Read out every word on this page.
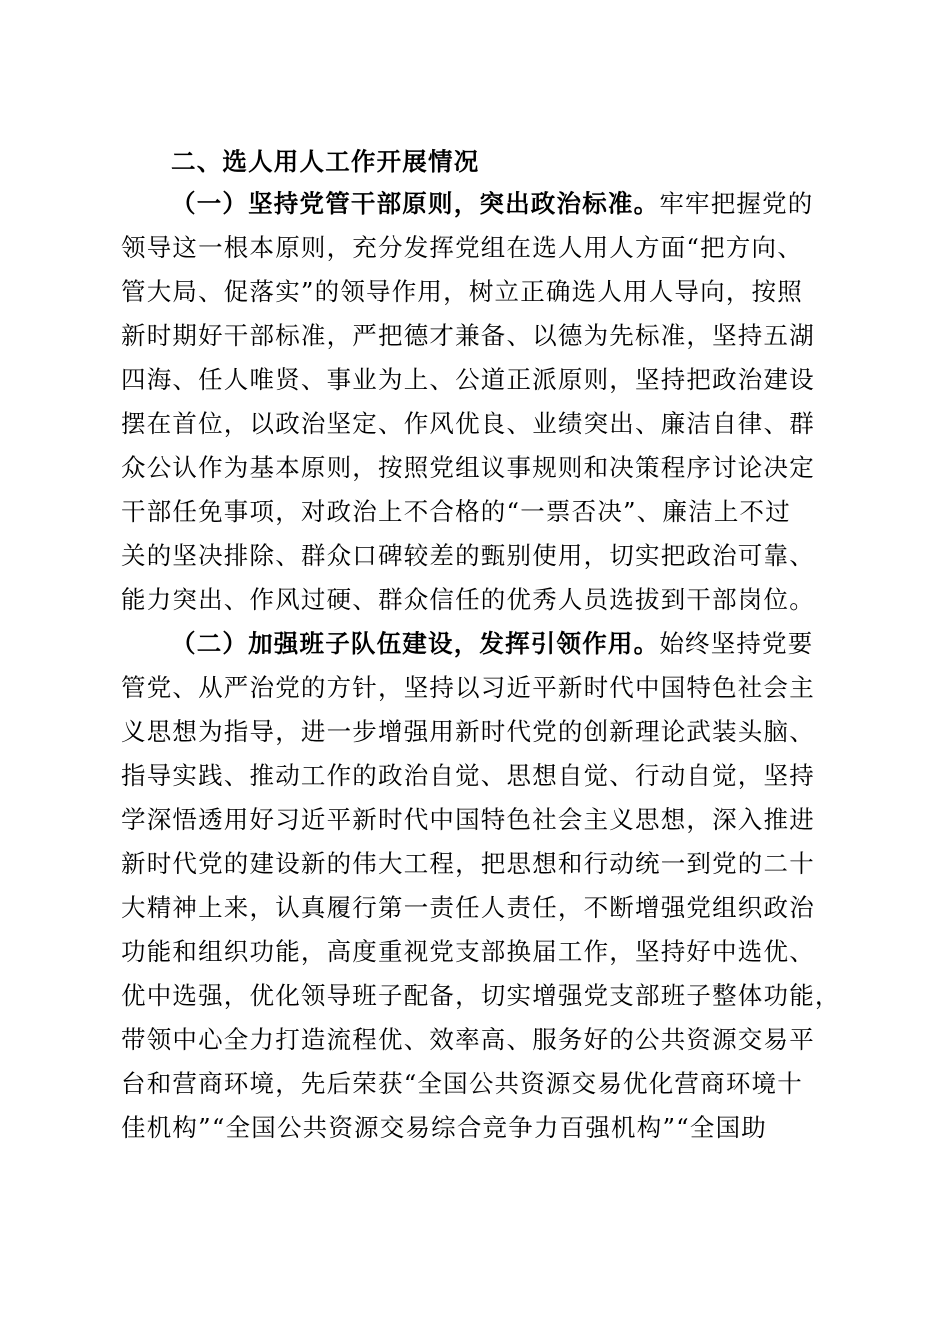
二、选人用人工作开展情况
（一）坚持党管干部原则，突出政治标准。牢牢把握党的
领导这一根本原则，充分发挥党组在选人用人方面“把方向、
管大局、促落实”的领导作用，树立正确选人用人导向，按照
新时期好干部标准，严把德才兼备、以德为先标准，坚持五湖
四海、任人唯贤、事业为上、公道正派原则，坚持把政治建设
摆在首位，以政治坚定、作风优良、业绩突出、廉洁自律、群
众公认作为基本原则，按照党组议事规则和决策程序讨论决定
干部任免事项，对政治上不合格的“一票否决”、廉洁上不过
关的坚决排除、群众口碑较差的甄别使用，切实把政治可靠、
能力突出、作风过硬、群众信任的优秀人员选拔到干部岗位。
（二）加强班子队伍建设，发挥引领作用。始终坚持党要
管党、从严治党的方针，坚持以习近平新时代中国特色社会主
义思想为指导，进一步增强用新时代党的创新理论武装头脑、
指导实践、推动工作的政治自觉、思想自觉、行动自觉，坚持
学深悟透用好习近平新时代中国特色社会主义思想，深入推进
新时代党的建设新的伟大工程，把思想和行动统一到党的二十
大精神上来，认真履行第一责任人责任，不断增强党组织政治
功能和组织功能，高度重视党支部换届工作，坚持好中选优、
优中选强，优化领导班子配备，切实增强党支部班子整体功能，
带领中心全力打造流程优、效率高、服务好的公共资源交易平
台和营商环境，先后荣获“全国公共资源交易优化营商环境十
佳机构”“全国公共资源交易综合竞争力百强机构”“全国助
